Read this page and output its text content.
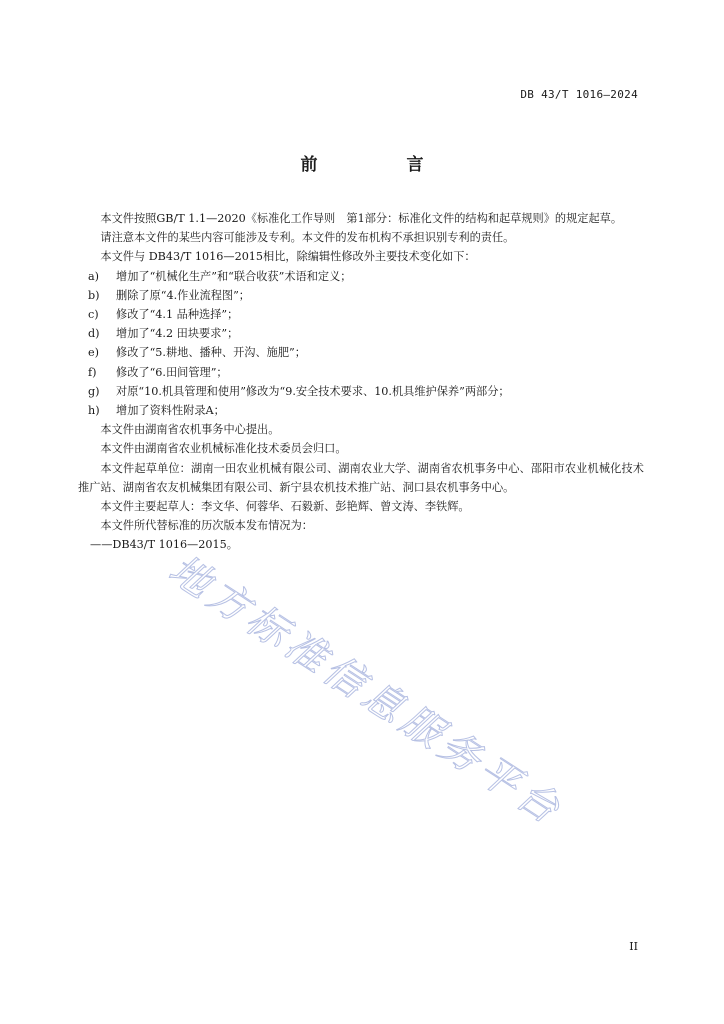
DB 43/T 1016—2024
前　言

本文件按照GB/T 1.1—2020《标准化工作导则　第1部分：标准化文件的结构和起草规则》的规定起草。

请注意本文件的某些内容可能涉及专利。本文件的发布机构不承担识别专利的责任。

本文件与 DB43/T 1016—2015相比，除编辑性修改外主要技术变化如下：

a)	增加了“机械化生产”和“联合收获”术语和定义；
b)	删除了原“4.作业流程图”；
c)	修改了“4.1 品种选择”；
d)	增加了“4.2 田块要求”；
e)	修改了“5.耕地、播种、开沟、施肥”；
f)	修改了“6.田间管理”；
g)	对原“10.机具管理和使用”修改为“9.安全技术要求、10.机具维护保养”两部分；
h)	增加了资料性附录A；

本文件由湖南省农机事务中心提出。

本文件由湖南省农业机械标准化技术委员会归口。

本文件起草单位：湖南一田农业机械有限公司、湖南农业大学、湖南省农机事务中心、邵阳市农业机械化技术推广站、湖南省农友机械集团有限公司、新宁县农机技术推广站、洞口县农机事务中心。

本文件主要起草人：李文华、何蓉华、石毅新、彭艳辉、曾文涛、李铁辉。

本文件所代替标准的历次版本发布情况为：

——DB43/T 1016—2015。

地方标准信息服务平台
II
